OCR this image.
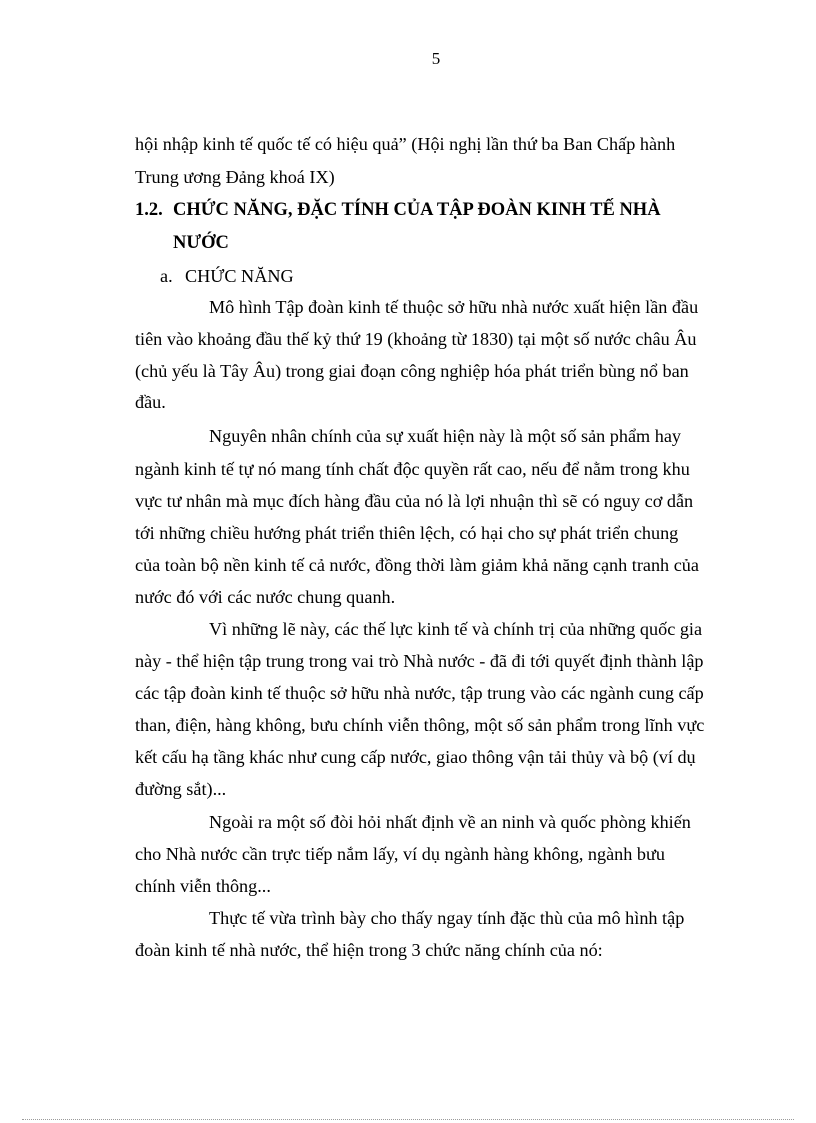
5
hội nhập kinh tế quốc tế có hiệu quả” (Hội nghị lần thứ ba Ban Chấp hành
Trung ương Đảng khoá IX)
1.2. CHỨC NĂNG, ĐẶC TÍNH CỦA TẬP ĐOÀN KINH TẾ NHÀ
NƯỚC
a. CHỨC NĂNG
Mô hình Tập đoàn kinh tế thuộc sở hữu nhà nước xuất hiện lần đầu
tiên vào khoảng đầu thế kỷ thứ 19 (khoảng từ 1830) tại một số nước châu Âu
(chủ yếu là Tây Âu) trong giai đoạn công nghiệp hóa phát triển bùng nổ ban
đầu.
Nguyên nhân chính của sự xuất hiện này là một số sản phẩm hay
ngành kinh tế tự nó mang tính chất độc quyền rất cao, nếu để nằm trong khu
vực tư nhân mà mục đích hàng đầu của nó là lợi nhuận thì sẽ có nguy cơ dẫn
tới những chiều hướng phát triển thiên lệch, có hại cho sự phát triển chung
của toàn bộ nền kinh tế cả nước, đồng thời làm giảm khả năng cạnh tranh của
nước đó với các nước chung quanh.
Vì những lẽ này, các thế lực kinh tế và chính trị của những quốc gia
này - thể hiện tập trung trong vai trò Nhà nước - đã đi tới quyết định thành lập
các tập đoàn kinh tế thuộc sở hữu nhà nước, tập trung vào các ngành cung cấp
than, điện, hàng không, bưu chính viễn thông, một số sản phẩm trong lĩnh vực
kết cấu hạ tầng khác như cung cấp nước, giao thông vận tải thủy và bộ (ví dụ
đường sắt)...
Ngoài ra một số đòi hỏi nhất định về an ninh và quốc phòng khiến
cho Nhà nước cần trực tiếp nắm lấy, ví dụ ngành hàng không, ngành bưu
chính viễn thông...
Thực tế vừa trình bày cho thấy ngay tính đặc thù của mô hình tập
đoàn kinh tế nhà nước, thể hiện trong 3 chức năng chính của nó:
